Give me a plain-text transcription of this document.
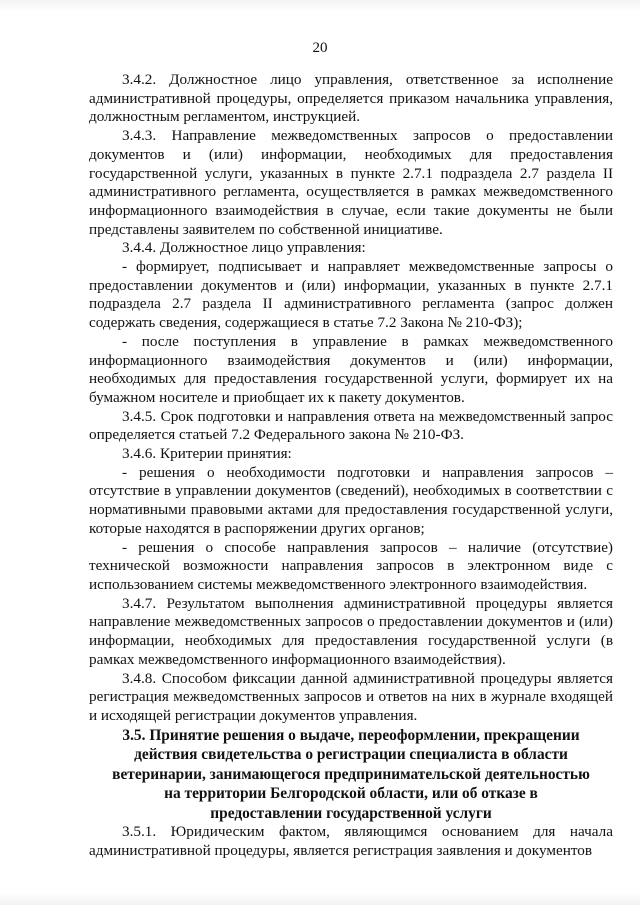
20

3.4.2. Должностное лицо управления, ответственное за исполнение административной процедуры, определяется приказом начальника управления, должностным регламентом, инструкцией.

3.4.3. Направление межведомственных запросов о предоставлении документов и (или) информации, необходимых для предоставления государственной услуги, указанных в пункте 2.7.1 подраздела 2.7 раздела II административного регламента, осуществляется в рамках межведомственного информационного взаимодействия в случае, если такие документы не были представлены заявителем по собственной инициативе.

3.4.4. Должностное лицо управления:

- формирует, подписывает и направляет межведомственные запросы о предоставлении документов и (или) информации, указанных в пункте 2.7.1 подраздела 2.7 раздела II административного регламента (запрос должен содержать сведения, содержащиеся в статье 7.2 Закона № 210-ФЗ);

- после поступления в управление в рамках межведомственного информационного взаимодействия документов и (или) информации, необходимых для предоставления государственной услуги, формирует их на бумажном носителе и приобщает их к пакету документов.

3.4.5. Срок подготовки и направления ответа на межведомственный запрос определяется статьей 7.2 Федерального закона № 210-ФЗ.

3.4.6. Критерии принятия:

- решения о необходимости подготовки и направления запросов – отсутствие в управлении документов (сведений), необходимых в соответствии с нормативными правовыми актами для предоставления государственной услуги, которые находятся в распоряжении других органов;

- решения о способе направления запросов – наличие (отсутствие) технической возможности направления запросов в электронном виде с использованием системы межведомственного электронного взаимодействия.

3.4.7. Результатом выполнения административной процедуры является направление межведомственных запросов о предоставлении документов и (или) информации, необходимых для предоставления государственной услуги (в рамках межведомственного информационного взаимодействия).

3.4.8. Способом фиксации данной административной процедуры является регистрация межведомственных запросов и ответов на них в журнале входящей и исходящей регистрации документов управления.

3.5. Принятие решения о выдаче, переоформлении, прекращении действия свидетельства о регистрации специалиста в области ветеринарии, занимающегося предпринимательской деятельностью на территории Белгородской области, или об отказе в предоставлении государственной услуги

3.5.1. Юридическим фактом, являющимся основанием для начала административной процедуры, является регистрация заявления и документов
